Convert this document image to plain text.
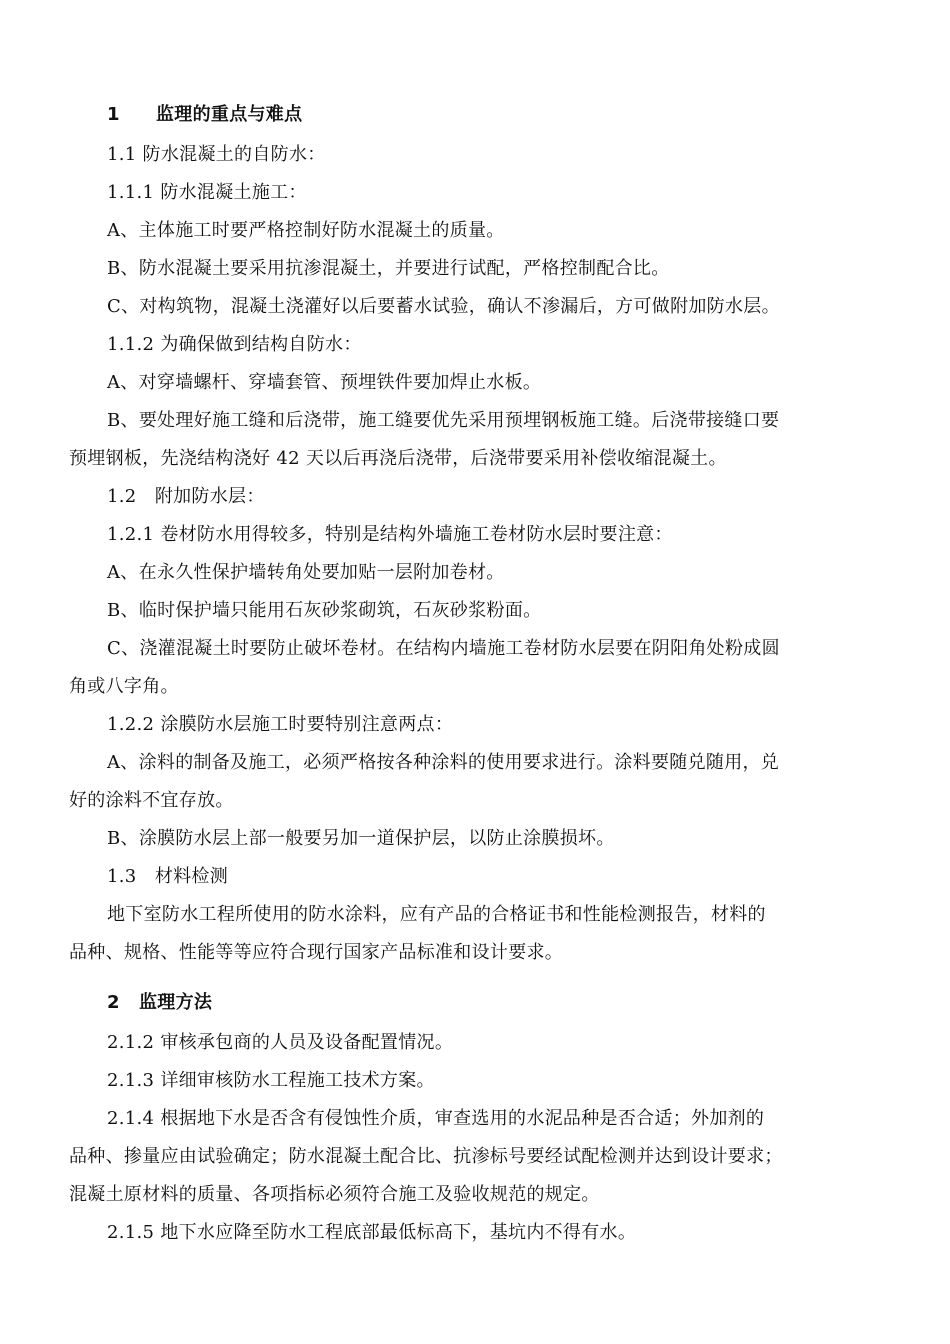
1 监理的重点与难点

1.1 防水混凝土的自防水：

1.1.1 防水混凝土施工：

A、主体施工时要严格控制好防水混凝土的质量。

B、防水混凝土要采用抗渗混凝土，并要进行试配，严格控制配合比。

C、对构筑物，混凝土浇灌好以后要蓄水试验，确认不渗漏后，方可做附加防水层。

1.1.2 为确保做到结构自防水：

A、对穿墙螺杆、穿墙套管、预埋铁件要加焊止水板。

B、要处理好施工缝和后浇带，施工缝要优先采用预埋钢板施工缝。后浇带接缝口要

预埋钢板，先浇结构浇好 42 天以后再浇后浇带，后浇带要采用补偿收缩混凝土。

1.2　附加防水层：

1.2.1 卷材防水用得较多，特别是结构外墙施工卷材防水层时要注意：

A、在永久性保护墙转角处要加贴一层附加卷材。

B、临时保护墙只能用石灰砂浆砌筑，石灰砂浆粉面。

C、浇灌混凝土时要防止破坏卷材。在结构内墙施工卷材防水层要在阴阳角处粉成圆

角或八字角。

1.2.2 涂膜防水层施工时要特别注意两点：

A、涂料的制备及施工，必须严格按各种涂料的使用要求进行。涂料要随兑随用，兑

好的涂料不宜存放。

B、涂膜防水层上部一般要另加一道保护层，以防止涂膜损坏。

1.3　材料检测

地下室防水工程所使用的防水涂料，应有产品的合格证书和性能检测报告，材料的

品种、规格、性能等等应符合现行国家产品标准和设计要求。

2 监理方法

2.1.2 审核承包商的人员及设备配置情况。

2.1.3 详细审核防水工程施工技术方案。

2.1.4 根据地下水是否含有侵蚀性介质，审查选用的水泥品种是否合适；外加剂的

品种、掺量应由试验确定；防水混凝土配合比、抗渗标号要经试配检测并达到设计要求；

混凝土原材料的质量、各项指标必须符合施工及验收规范的规定。

2.1.5 地下水应降至防水工程底部最低标高下，基坑内不得有水。
